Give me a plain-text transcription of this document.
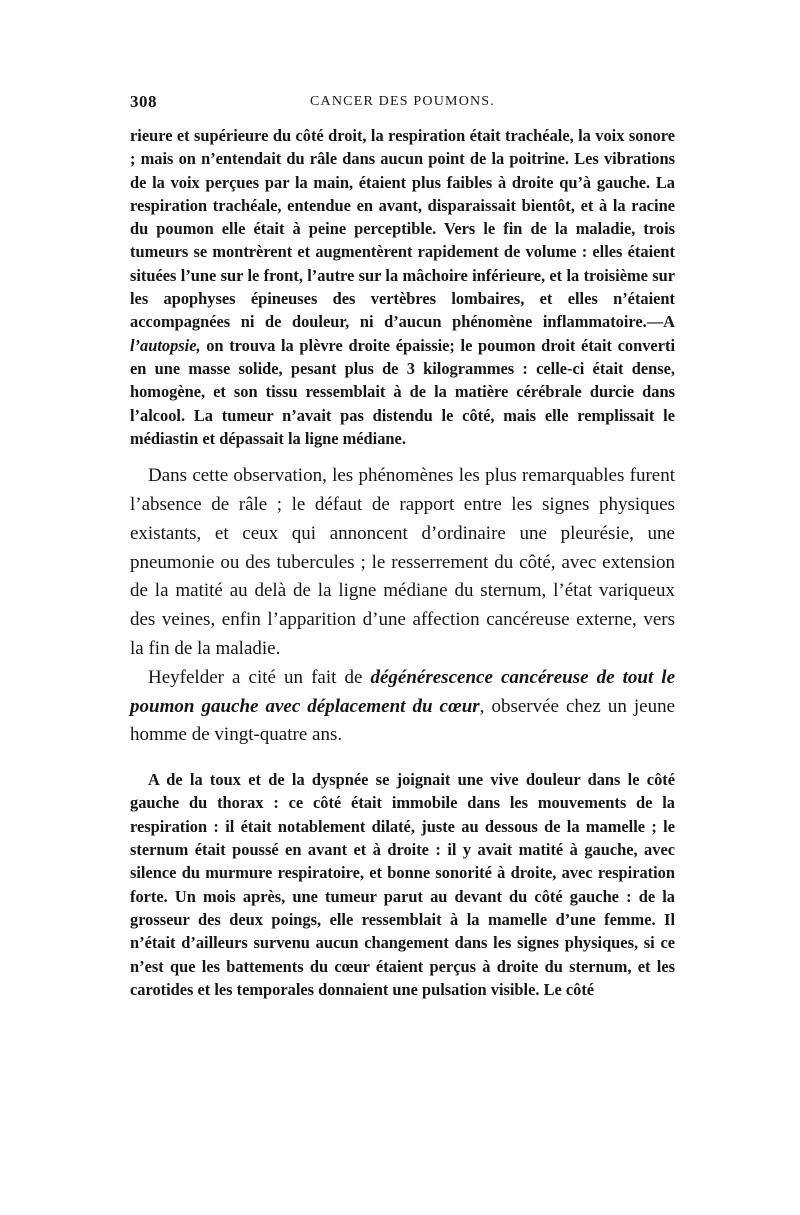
308	CANCER DES POUMONS.

rieure et supérieure du côté droit, la respiration était trachéale, la voix sonore ; mais on n’entendait du râle dans aucun point de la poitrine. Les vibrations de la voix perçues par la main, étaient plus faibles à droite qu’à gauche. La respiration trachéale, entendue en avant, disparaissait bientôt, et à la racine du poumon elle était à peine perceptible. Vers le fin de la maladie, trois tumeurs se montrèrent et augmentèrent rapidement de volume : elles étaient situées l’une sur le front, l’autre sur la mâchoire inférieure, et la troisième sur les apophyses épineuses des vertèbres lombaires, et elles n’étaient accompagnées ni de douleur, ni d’aucun phénomène inflammatoire.—A l’autopsie, on trouva la plèvre droite épaissie; le poumon droit était converti en une masse solide, pesant plus de 3 kilogrammes : celle-ci était dense, homogène, et son tissu ressemblait à de la matière cérébrale durcie dans l’alcool. La tumeur n’avait pas distendu le côté, mais elle remplissait le médiastin et dépassait la ligne médiane.

Dans cette observation, les phénomènes les plus remarquables furent l’absence de râle ; le défaut de rapport entre les signes physiques existants, et ceux qui annoncent d’ordinaire une pleurésie, une pneumonie ou des tubercules ; le resserrement du côté, avec extension de la matité au delà de la ligne médiane du sternum, l’état variqueux des veines, enfin l’apparition d’une affection cancéreuse externe, vers la fin de la maladie.

Heyfelder a cité un fait de dégénérescence cancéreuse de tout le poumon gauche avec déplacement du cœur, observée chez un jeune homme de vingt-quatre ans.

A de la toux et de la dyspnée se joignait une vive douleur dans le côté gauche du thorax : ce côté était immobile dans les mouvements de la respiration : il était notablement dilaté, juste au dessous de la mamelle ; le sternum était poussé en avant et à droite : il y avait matité à gauche, avec silence du murmure respiratoire, et bonne sonorité à droite, avec respiration forte. Un mois après, une tumeur parut au devant du côté gauche : de la grosseur des deux poings, elle ressemblait à la mamelle d’une femme. Il n’était d’ailleurs survenu aucun changement dans les signes physiques, si ce n’est que les battements du cœur étaient perçus à droite du sternum, et les carotides et les temporales donnaient une pulsation visible. Le côté
